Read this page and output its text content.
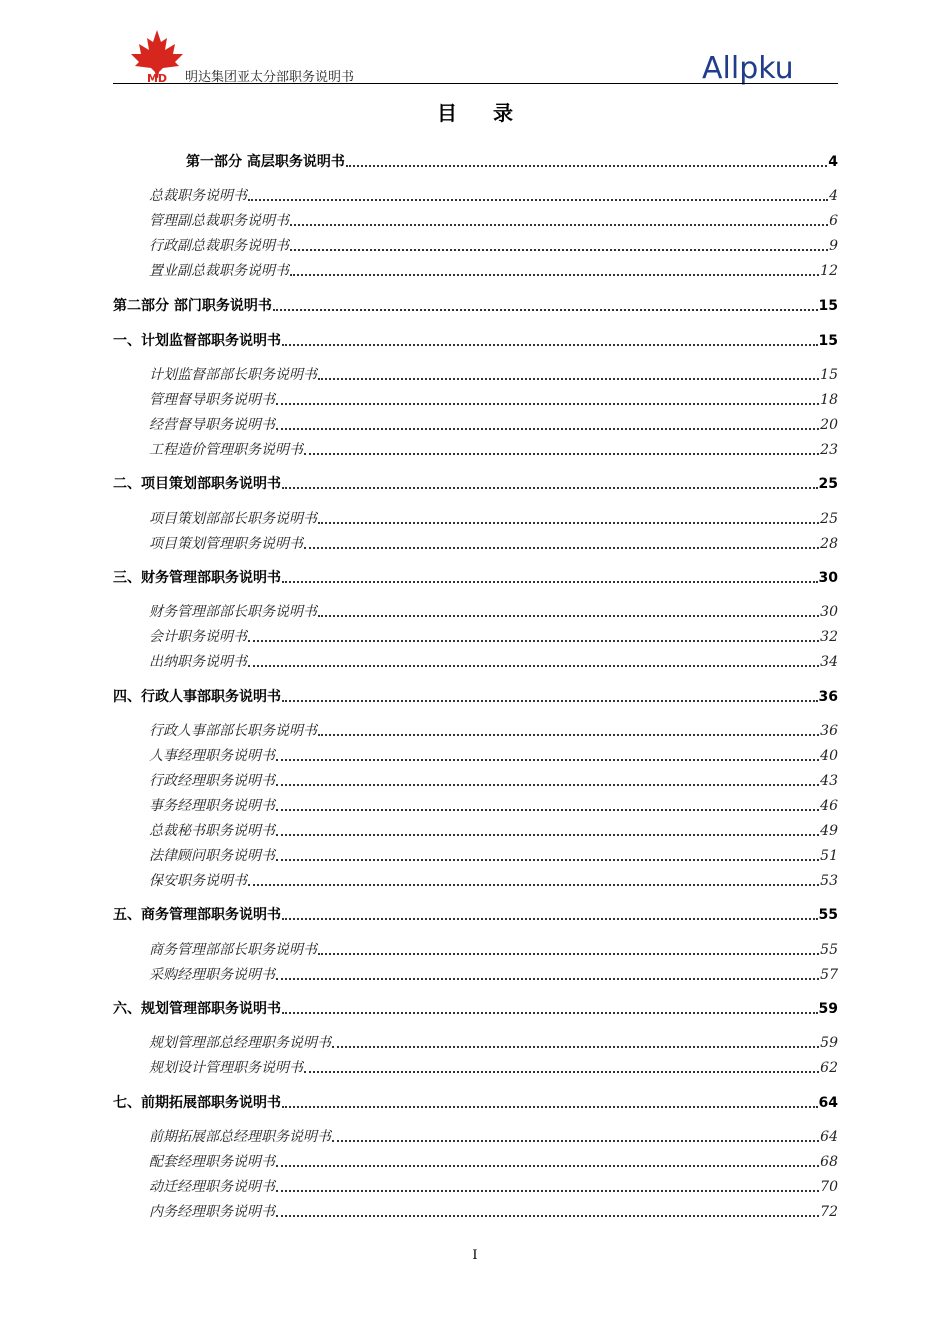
MD 明达集团亚太分部职务说明书	Allpku
目录
第一部分 高层职务说明书	4
总裁职务说明书	4
管理副总裁职务说明书	6
行政副总裁职务说明书	9
置业副总裁职务说明书	12
第二部分 部门职务说明书	15
一、计划监督部职务说明书	15
计划监督部部长职务说明书	15
管理督导职务说明书	18
经营督导职务说明书	20
工程造价管理职务说明书	23
二、项目策划部职务说明书	25
项目策划部部长职务说明书	25
项目策划管理职务说明书	28
三、财务管理部职务说明书	30
财务管理部部长职务说明书	30
会计职务说明书	32
出纳职务说明书	34
四、行政人事部职务说明书	36
行政人事部部长职务说明书	36
人事经理职务说明书	40
行政经理职务说明书	43
事务经理职务说明书	46
总裁秘书职务说明书	49
法律顾问职务说明书	51
保安职务说明书	53
五、商务管理部职务说明书	55
商务管理部部长职务说明书	55
采购经理职务说明书	57
六、规划管理部职务说明书	59
规划管理部总经理职务说明书	59
规划设计管理职务说明书	62
七、前期拓展部职务说明书	64
前期拓展部总经理职务说明书	64
配套经理职务说明书	68
动迁经理职务说明书	70
内务经理职务说明书	72
I
